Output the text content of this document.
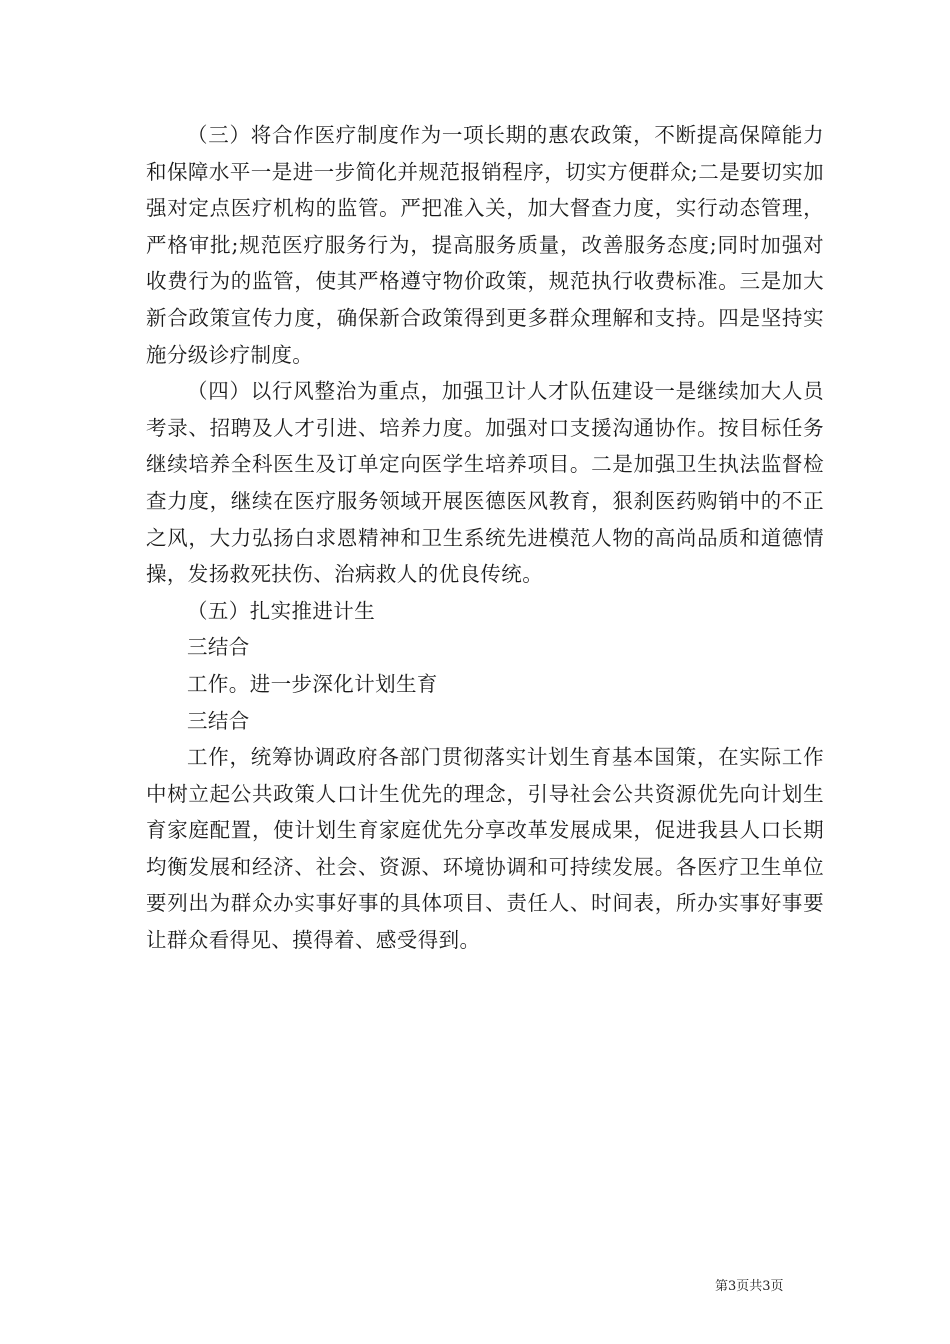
（三）将合作医疗制度作为一项长期的惠农政策，不断提高保障能力和保障水平一是进一步简化并规范报销程序，切实方便群众;二是要切实加强对定点医疗机构的监管。严把准入关，加大督查力度，实行动态管理，严格审批;规范医疗服务行为，提高服务质量，改善服务态度;同时加强对收费行为的监管，使其严格遵守物价政策，规范执行收费标准。三是加大新合政策宣传力度，确保新合政策得到更多群众理解和支持。四是坚持实施分级诊疗制度。

（四）以行风整治为重点，加强卫计人才队伍建设一是继续加大人员考录、招聘及人才引进、培养力度。加强对口支援沟通协作。按目标任务继续培养全科医生及订单定向医学生培养项目。二是加强卫生执法监督检查力度，继续在医疗服务领域开展医德医风教育，狠刹医药购销中的不正之风，大力弘扬白求恩精神和卫生系统先进模范人物的高尚品质和道德情操，发扬救死扶伤、治病救人的优良传统。

（五）扎实推进计生

三结合

工作。进一步深化计划生育

三结合

工作，统筹协调政府各部门贯彻落实计划生育基本国策，在实际工作中树立起公共政策人口计生优先的理念，引导社会公共资源优先向计划生育家庭配置，使计划生育家庭优先分享改革发展成果，促进我县人口长期均衡发展和经济、社会、资源、环境协调和可持续发展。各医疗卫生单位要列出为群众办实事好事的具体项目、责任人、时间表，所办实事好事要让群众看得见、摸得着、感受得到。

第3页共3页
